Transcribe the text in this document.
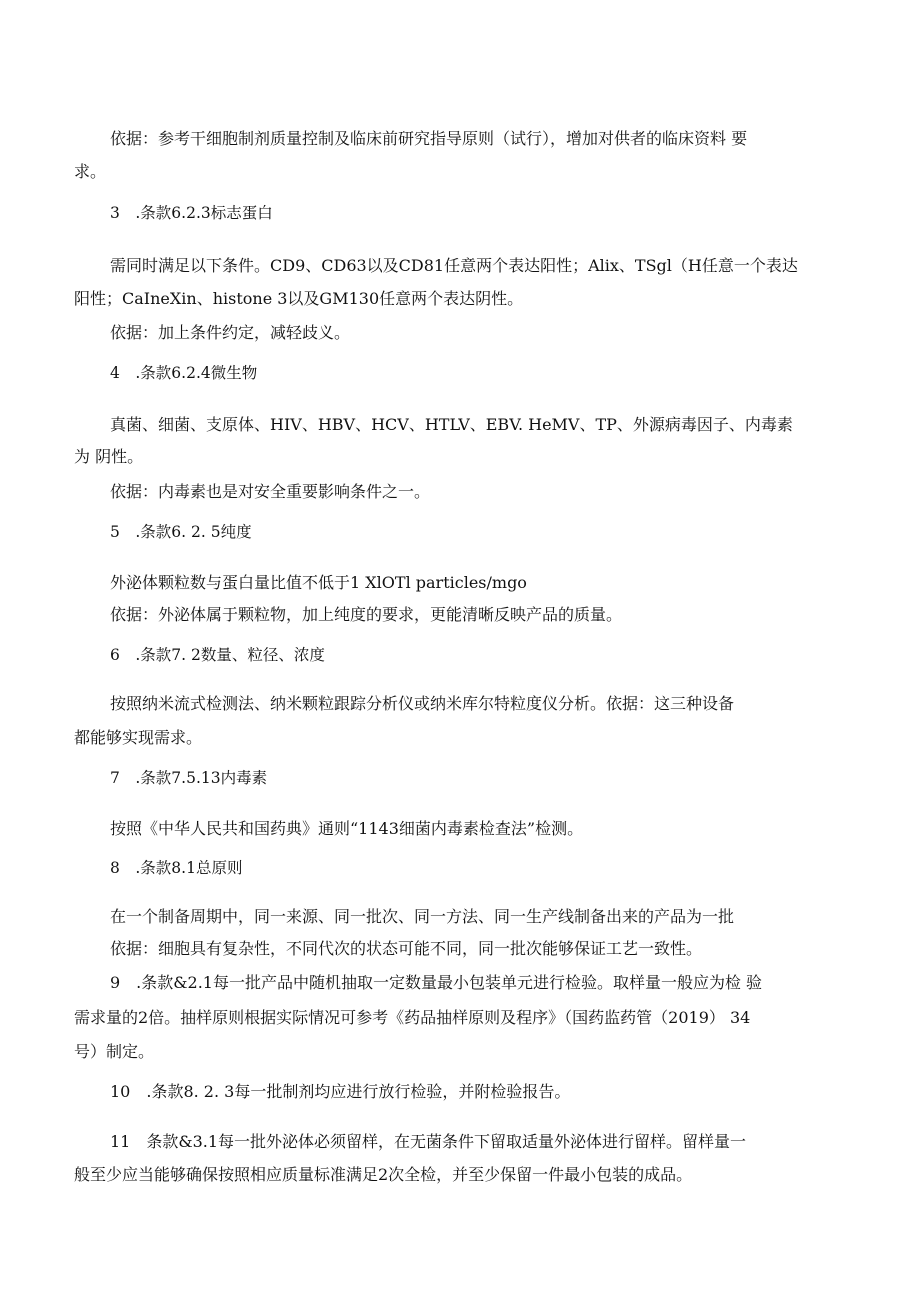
依据：参考干细胞制剂质量控制及临床前研究指导原则（试行），增加对供者的临床资料 要
求。
3　.条款6.2.3标志蛋白
需同时满足以下条件。CD9、CD63以及CD81任意两个表达阳性；Alix、TSgl（H任意一个表达
阳性；CaIneXin、histone 3以及GM130任意两个表达阴性。
依据：加上条件约定，减轻歧义。
4　.条款6.2.4微生物
真菌、细菌、支原体、HIV、HBV、HCV、HTLV、EBV. HeMV、TP、外源病毒因子、内毒素
为 阴性。
依据：内毒素也是对安全重要影响条件之一。
5　.条款6. 2. 5纯度
外泌体颗粒数与蛋白量比值不低于1 XlOTl particles/mgo
依据：外泌体属于颗粒物，加上纯度的要求，更能清晰反映产品的质量。
6　.条款7. 2数量、粒径、浓度
按照纳米流式检测法、纳米颗粒跟踪分析仪或纳米库尔特粒度仪分析。依据：这三种设备
都能够实现需求。
7　.条款7.5.13内毒素
按照《中华人民共和国药典》通则“1143细菌内毒素检查法”检测。
8　.条款8.1总原则
在一个制备周期中，同一来源、同一批次、同一方法、同一生产线制备出来的产品为一批
依据：细胞具有复杂性，不同代次的状态可能不同，同一批次能够保证工艺一致性。
9　.条款&2.1每一批产品中随机抽取一定数量最小包装单元进行检验。取样量一般应为检 验
需求量的2倍。抽样原则根据实际情况可参考《药品抽样原则及程序》（国药监药管（2019） 34
号）制定。
10　.条款8. 2. 3每一批制剂均应进行放行检验，并附检验报告。
11　条款&3.1每一批外泌体必须留样，在无菌条件下留取适量外泌体进行留样。留样量一
般至少应当能够确保按照相应质量标准满足2次全检，并至少保留一件最小包装的成品。
